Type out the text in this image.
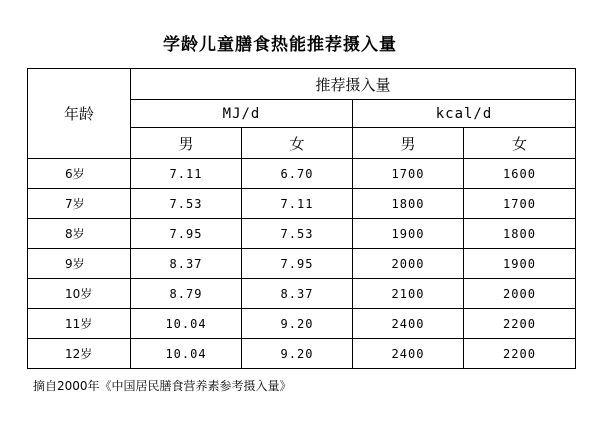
学龄儿童膳食热能推荐摄入量
年龄	推荐摄入量			
	MJ/d		kcal/d	
	男	女	男	女
6岁	7.11	6.70	1700	1600
7岁	7.53	7.11	1800	1700
8岁	7.95	7.53	1900	1800
9岁	8.37	7.95	2000	1900
10岁	8.79	8.37	2100	2000
11岁	10.04	9.20	2400	2200
12岁	10.04	9.20	2400	2200
摘自2000年《中国居民膳食营养素参考摄入量》
